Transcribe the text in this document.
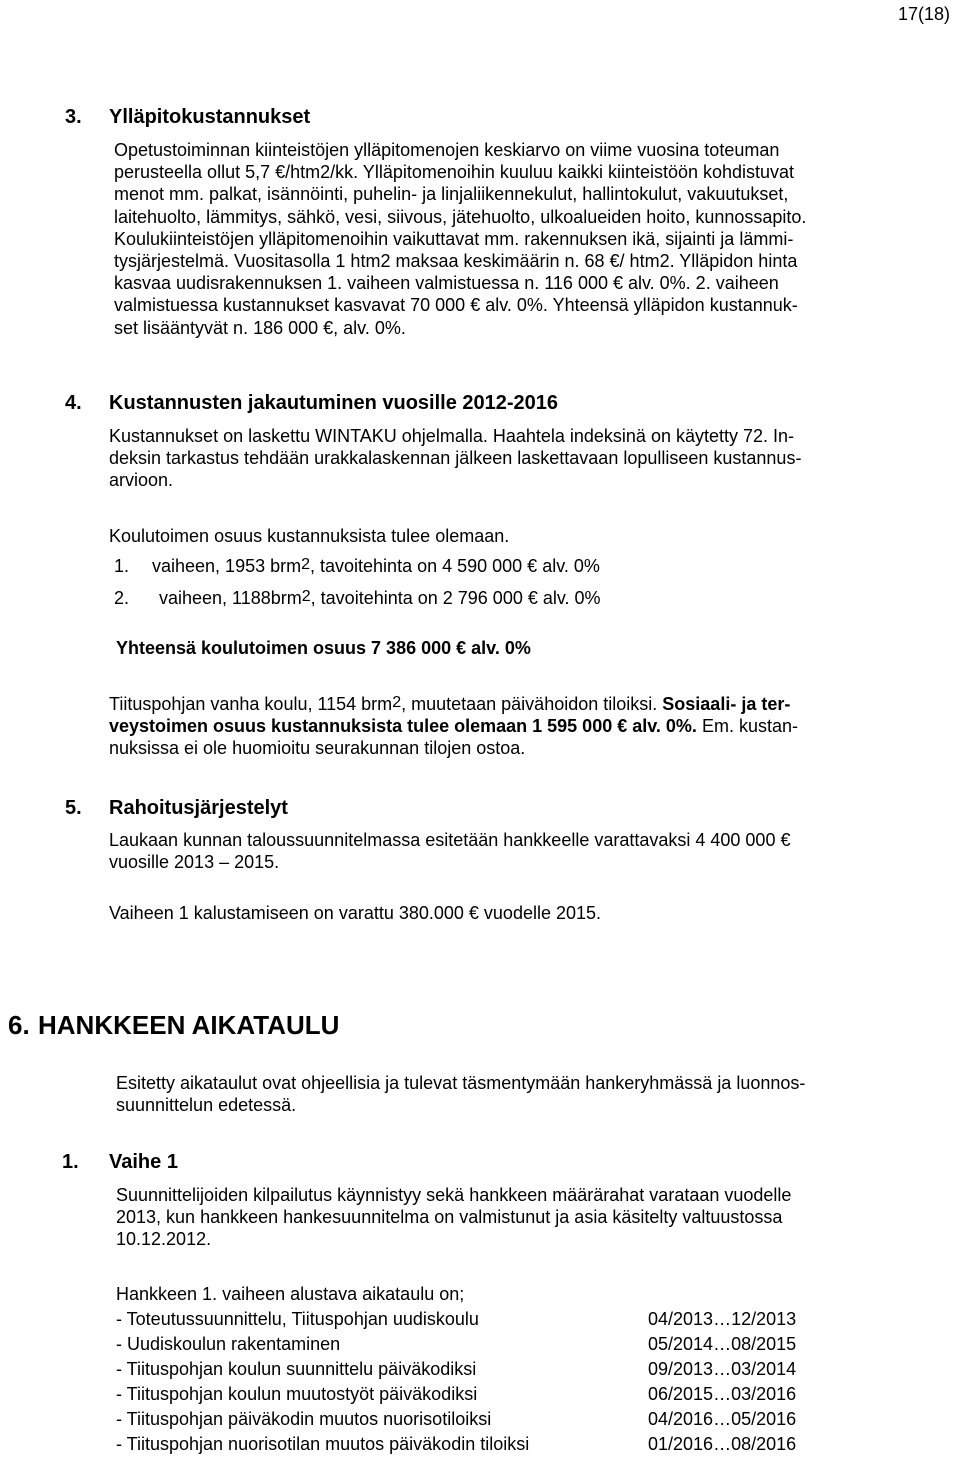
17(18)
3. Ylläpitokustannukset
Opetustoiminnan kiinteistöjen ylläpitomenojen keskiarvo on viime vuosina toteuman
perusteella ollut 5,7 €/htm2/kk. Ylläpitomenoihin kuuluu kaikki kiinteistöön kohdistuvat
menot mm. palkat, isännöinti, puhelin- ja linjaliikennekulut, hallintokulut, vakuutukset,
laitehuolto, lämmitys, sähkö, vesi, siivous, jätehuolto, ulkoalueiden hoito, kunnossapito.
Koulukiinteistöjen ylläpitomenoihin vaikuttavat mm. rakennuksen ikä, sijainti ja lämmi-
tysjärjestelmä. Vuositasolla 1 htm2 maksaa keskimäärin n. 68 €/ htm2. Ylläpidon hinta
kasvaa uudisrakennuksen 1. vaiheen valmistuessa n. 116 000 € alv. 0%. 2. vaiheen
valmistuessa kustannukset kasvavat 70 000 € alv. 0%. Yhteensä ylläpidon kustannuk-
set lisääntyvät n. 186 000 €, alv. 0%.
4. Kustannusten jakautuminen vuosille 2012-2016
Kustannukset on laskettu WINTAKU ohjelmalla. Haahtela indeksinä on käytetty 72. In-
deksin tarkastus tehdään urakkalaskennan jälkeen laskettavaan lopulliseen kustannus-
arvioon.
Koulutoimen osuus kustannuksista tulee olemaan.
1. vaiheen, 1953 brm$^2$, tavoitehinta on 4 590 000 € alv. 0%
2. vaiheen, 1188brm$^2$, tavoitehinta on 2 796 000 € alv. 0%
Yhteensä koulutoimen osuus 7 386 000 € alv. 0%
Tiituspohjan vanha koulu, 1154 brm$^2$, muutetaan päivähoidon tiloiksi. Sosiaali- ja ter-
veystoimen osuus kustannuksista tulee olemaan 1 595 000 € alv. 0%. Em. kustan-
nuksissa ei ole huomioitu seurakunnan tilojen ostoa.
5. Rahoitusjärjestelyt
Laukaan kunnan taloussuunnitelmassa esitetään hankkeelle varattavaksi 4 400 000 €
vuosille 2013 – 2015.
Vaiheen 1 kalustamiseen on varattu 380.000 € vuodelle 2015.
6. HANKKEEN AIKATAULU
Esitetty aikataulut ovat ohjeellisia ja tulevat täsmentymään hankeryhmässä ja luonnos-
suunnittelun edetessä.
1. Vaihe 1
Suunnittelijoiden kilpailutus käynnistyy sekä hankkeen määrärahat varataan vuodelle
2013, kun hankkeen hankesuunnitelma on valmistunut ja asia käsitelty valtuustossa
10.12.2012.
Hankkeen 1. vaiheen alustava aikataulu on;
- Toteutussuunnittelu, Tiituspohjan uudiskoulu	04/2013…12/2013
- Uudiskoulun rakentaminen	05/2014…08/2015
- Tiituspohjan koulun suunnittelu päiväkodiksi	09/2013…03/2014
- Tiituspohjan koulun muutostyöt päiväkodiksi	06/2015…03/2016
- Tiituspohjan päiväkodin muutos nuorisotiloiksi	04/2016…05/2016
- Tiituspohjan nuorisotilan muutos päiväkodin tiloiksi	01/2016…08/2016
